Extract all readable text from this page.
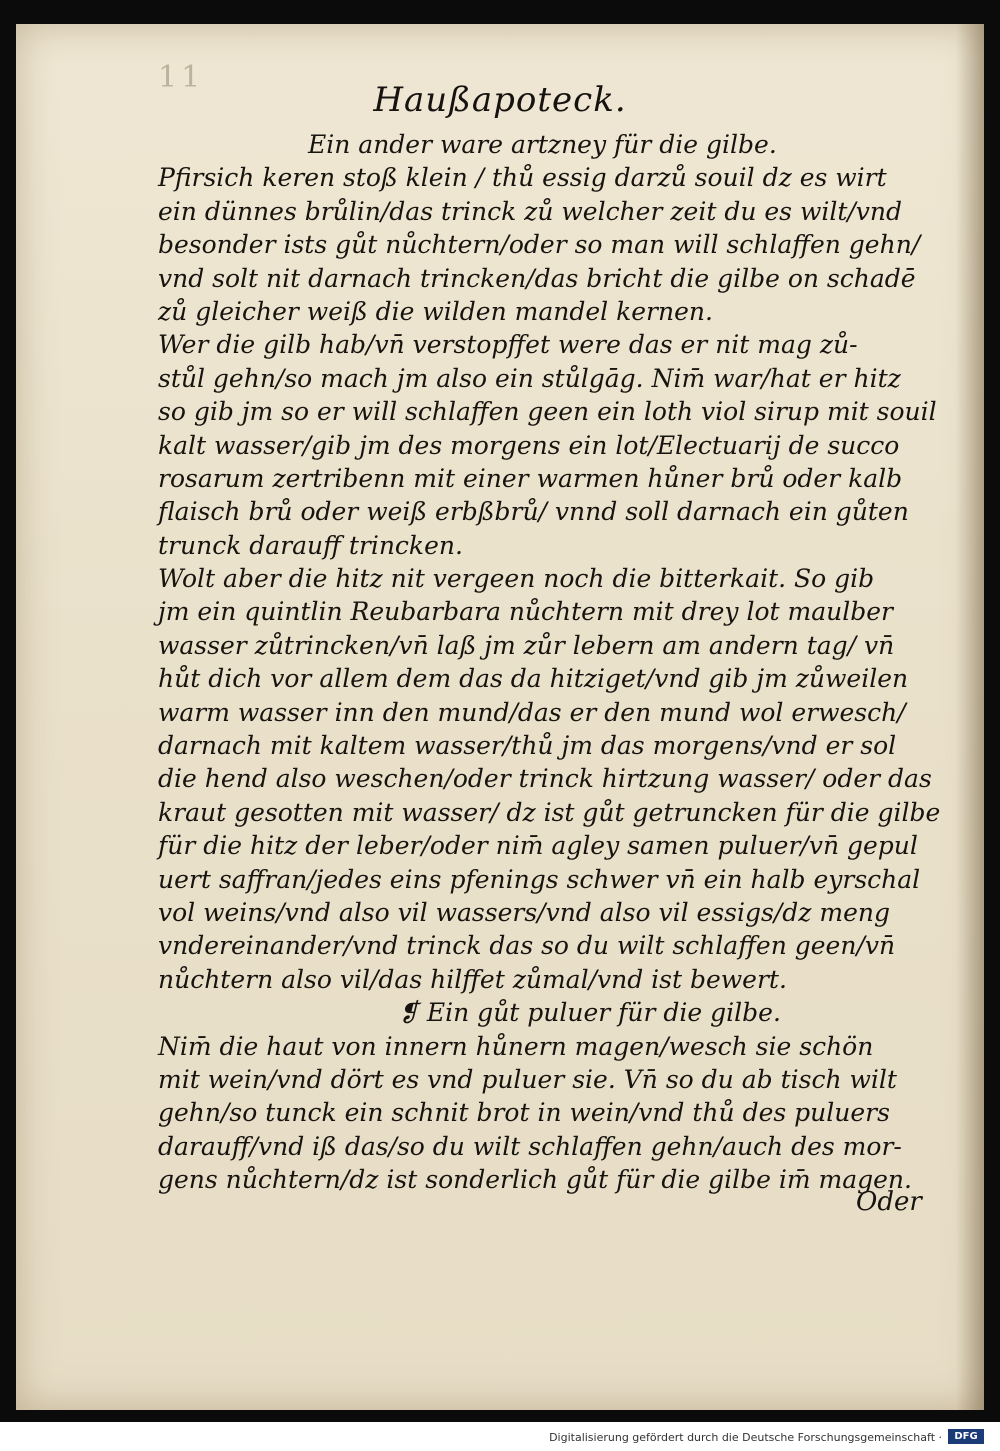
11
Haußapoteck.
Ein ander ware artzney für die gilbe.
Pfirsich keren stoß klein / thů essig darzů souil dz es wirt
ein dünnes brůlin/das trinck zů welcher zeit du es wilt/vnd
besonder ists gůt nůchtern/oder so man will schlaffen gehn/
vnd solt nit darnach trincken/das bricht die gilbe on schadē
zů gleicher weiß die wilden mandel kernen.
Wer die gilb hab/vn̄ verstopffet were das er nit mag zů-
stůl gehn/so mach jm also ein stůlgāg. Nim̄ war/hat er hitz
so gib jm so er will schlaffen geen ein loth viol sirup mit souil
kalt wasser/gib jm des morgens ein lot/Electuarij de succo
rosarum zertribenn mit einer warmen hůner brů oder kalb
flaisch brů oder weiß erbßbrů/ vnnd soll darnach ein gůten
trunck darauff trincken.
Wolt aber die hitz nit vergeen noch die bitterkait. So gib
jm ein quintlin Reubarbara nůchtern mit drey lot maulber
wasser zůtrincken/vn̄ laß jm zůr lebern am andern tag/ vn̄
hůt dich vor allem dem das da hitziget/vnd gib jm zůweilen
warm wasser inn den mund/das er den mund wol erwesch/
darnach mit kaltem wasser/thů jm das morgens/vnd er sol
die hend also weschen/oder trinck hirtzung wasser/ oder das
kraut gesotten mit wasser/ dz ist gůt getruncken für die gilbe
für die hitz der leber/oder nim̄ agley samen puluer/vn̄ gepul
uert saffran/jedes eins pfenings schwer vn̄ ein halb eyrschal
vol weins/vnd also vil wassers/vnd also vil essigs/dz meng
vndereinander/vnd trinck das so du wilt schlaffen geen/vn̄
nůchtern also vil/das hilffet zůmal/vnd ist bewert.
❡ Ein gůt puluer für die gilbe.
Nim̄ die haut von innern hůnern magen/wesch sie schön
mit wein/vnd dört es vnd puluer sie. Vn̄ so du ab tisch wilt
gehn/so tunck ein schnit brot in wein/vnd thů des puluers
darauff/vnd iß das/so du wilt schlaffen gehn/auch des mor-
gens nůchtern/dz ist sonderlich gůt für die gilbe im̄ magen.
Oder
Digitalisierung gefördert durch die Deutsche Forschungsgemeinschaft ·	DFG
